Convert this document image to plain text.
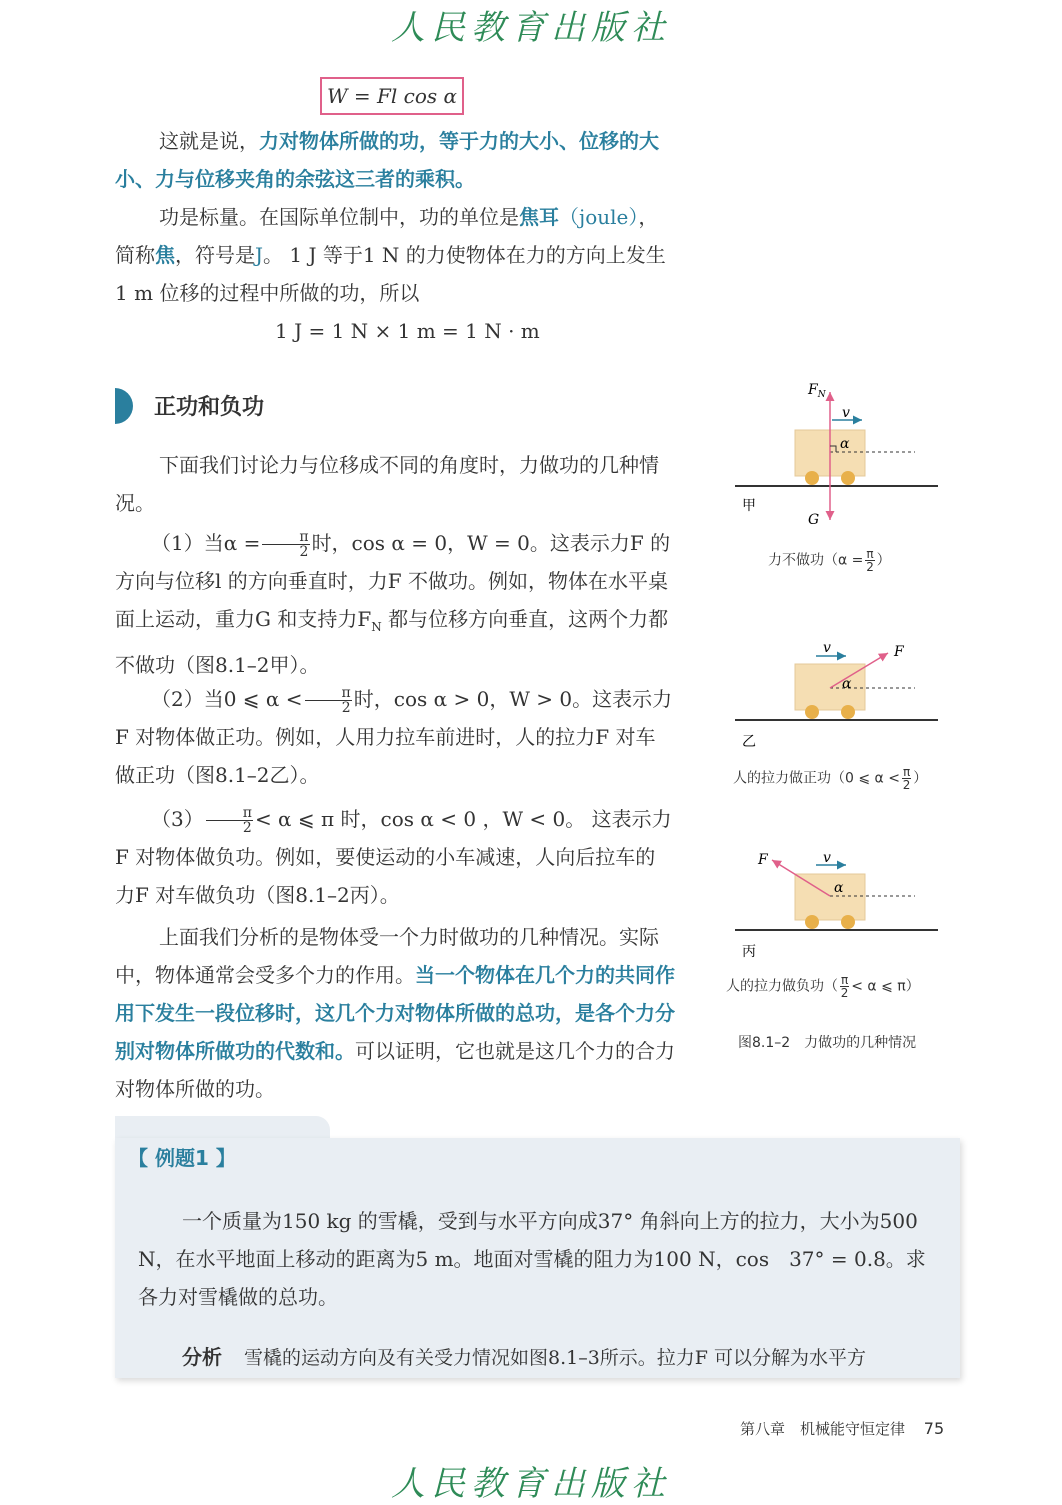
人民教育出版社
W = Fl cos α
这就是说，力对物体所做的功，等于力的大小、位移的大小、力与位移夹角的余弦这三者的乘积。
功是标量。在国际单位制中，功的单位是焦耳（joule），简称焦，符号是J。 1 J 等于1 N 的力使物体在力的方向上发生1 m 位移的过程中所做的功，所以
1 J = 1 N × 1 m = 1 N · m
正功和负功
下面我们讨论力与位移成不同的角度时，力做功的几种情况。
（1）当$\alpha = \frac{\pi}{2}$ 时，cos α = 0，W = 0。这表示力F 的方向与位移l 的方向垂直时，力F 不做功。例如，物体在水平桌面上运动，重力G 和支持力$F_N$ 都与位移方向垂直，这两个力都不做功（图8.1–2甲）。
（2）当0 ⩽ $\alpha < \frac{\pi}{2}$ 时，cos α > 0，W > 0。这表示力F 对物体做正功。例如，人用力拉车前进时，人的拉力F 对车做正功（图8.1–2乙）。
$(3) \frac{\pi}{2} < \alpha$ ⩽ π 时，cos α < 0 ，W < 0。 这表示力F 对物体做负功。例如，要使运动的小车减速，人向后拉车的力F 对车做负功（图8.1–2丙）。
上面我们分析的是物体受一个力时做功的几种情况。实际中，物体通常会受多个力的作用。当一个物体在几个力的共同作用下发生一段位移时，这几个力对物体所做的总功，是各个力分别对物体所做功的代数和。可以证明，它也就是这几个力的合力对物体所做的功。
$F_N$
v
α
G
甲
v	F
α
乙
v
F
α
丙
力不做功（$\alpha = \frac{\pi}{2}$ ）
人的拉力做正功（0 ⩽ $\alpha < \frac{\pi}{2}$ ）
人的拉力做负功（ $\frac{\pi}{2} < \alpha$ ⩽ π）
图8.1–2　力做功的几种情况
【 例题1 】
一个质量为150 kg 的雪橇，受到与水平方向成37° 角斜向上方的拉力，大小为500 N，在水平地面上移动的距离为5 m。地面对雪橇的阻力为100 N，cos　37° = 0.8。求各力对雪橇做的总功。
分析 雪橇的运动方向及有关受力情况如图8.1–3所示。拉力F 可以分解为水平方
第八章　机械能守恒定律 75
人民教育出版社
